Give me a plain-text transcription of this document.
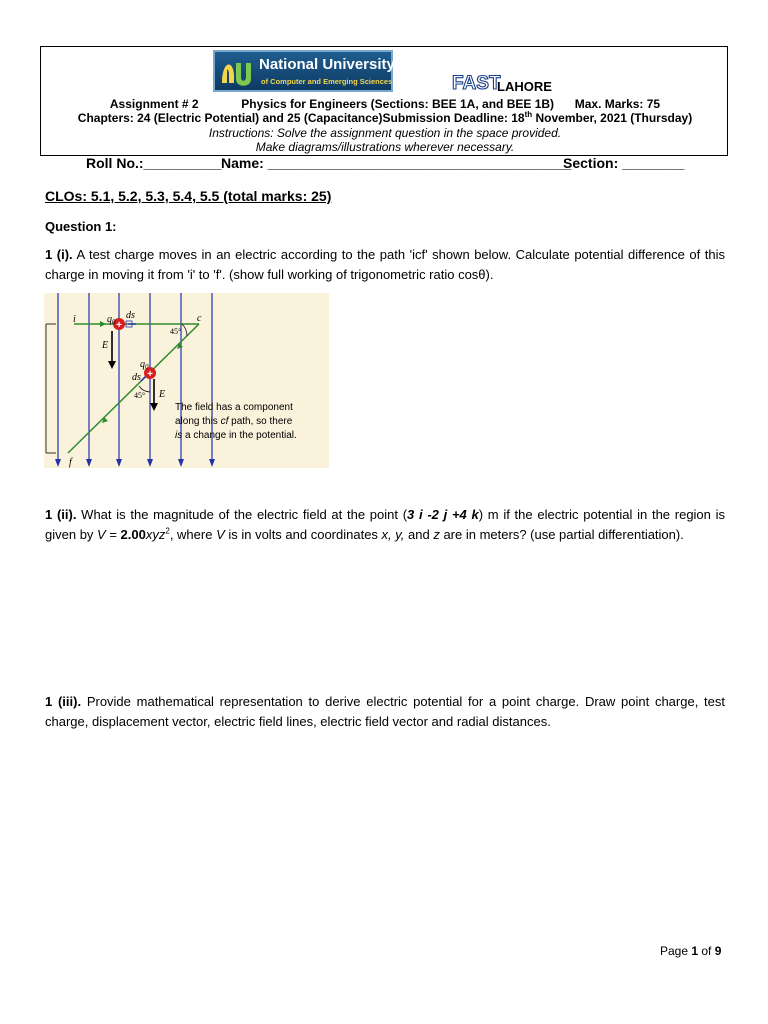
National University
of Computer and Emerging Sciences	FAST
LAHORE
Assignment # 2	Physics for Engineers (Sections: BEE 1A, and BEE 1B) Max. Marks: 75
Chapters: 24 (Electric Potential) and 25 (Capacitance)Submission Deadline: 18th November, 2021 (Thursday)
Instructions: Solve the assignment question in the space provided.
Make diagrams/illustrations wherever necessary.
Roll No.:__________ Name: _______________________________________
Section: ________
CLOs: 5.1, 5.2, 5.3, 5.4, 5.5 (total marks: 25)
Question 1:
1 (i). A test charge moves in an electric according to the path 'icf' shown below. Calculate potential difference of this charge in moving it from 'i' to 'f'. (show full working of trigonometric ratio cosθ).
+
+
i	c
f
$q_0$
$q_0$
ds
ds
E
E
45°
45°
The field has a component
along this cf path, so there
is a change in the potential.
1 (ii). What is the magnitude of the electric field at the point (3 i -2 j +4 k) m if the electric potential in the region is given by V = 2.00xyz$^2$, where V is in volts and coordinates x, y, and z are in meters? (use partial differentiation).
1 (iii). Provide mathematical representation to derive electric potential for a point charge. Draw point charge, test charge, displacement vector, electric field lines, electric field vector and radial distances.
Page 1 of 9
